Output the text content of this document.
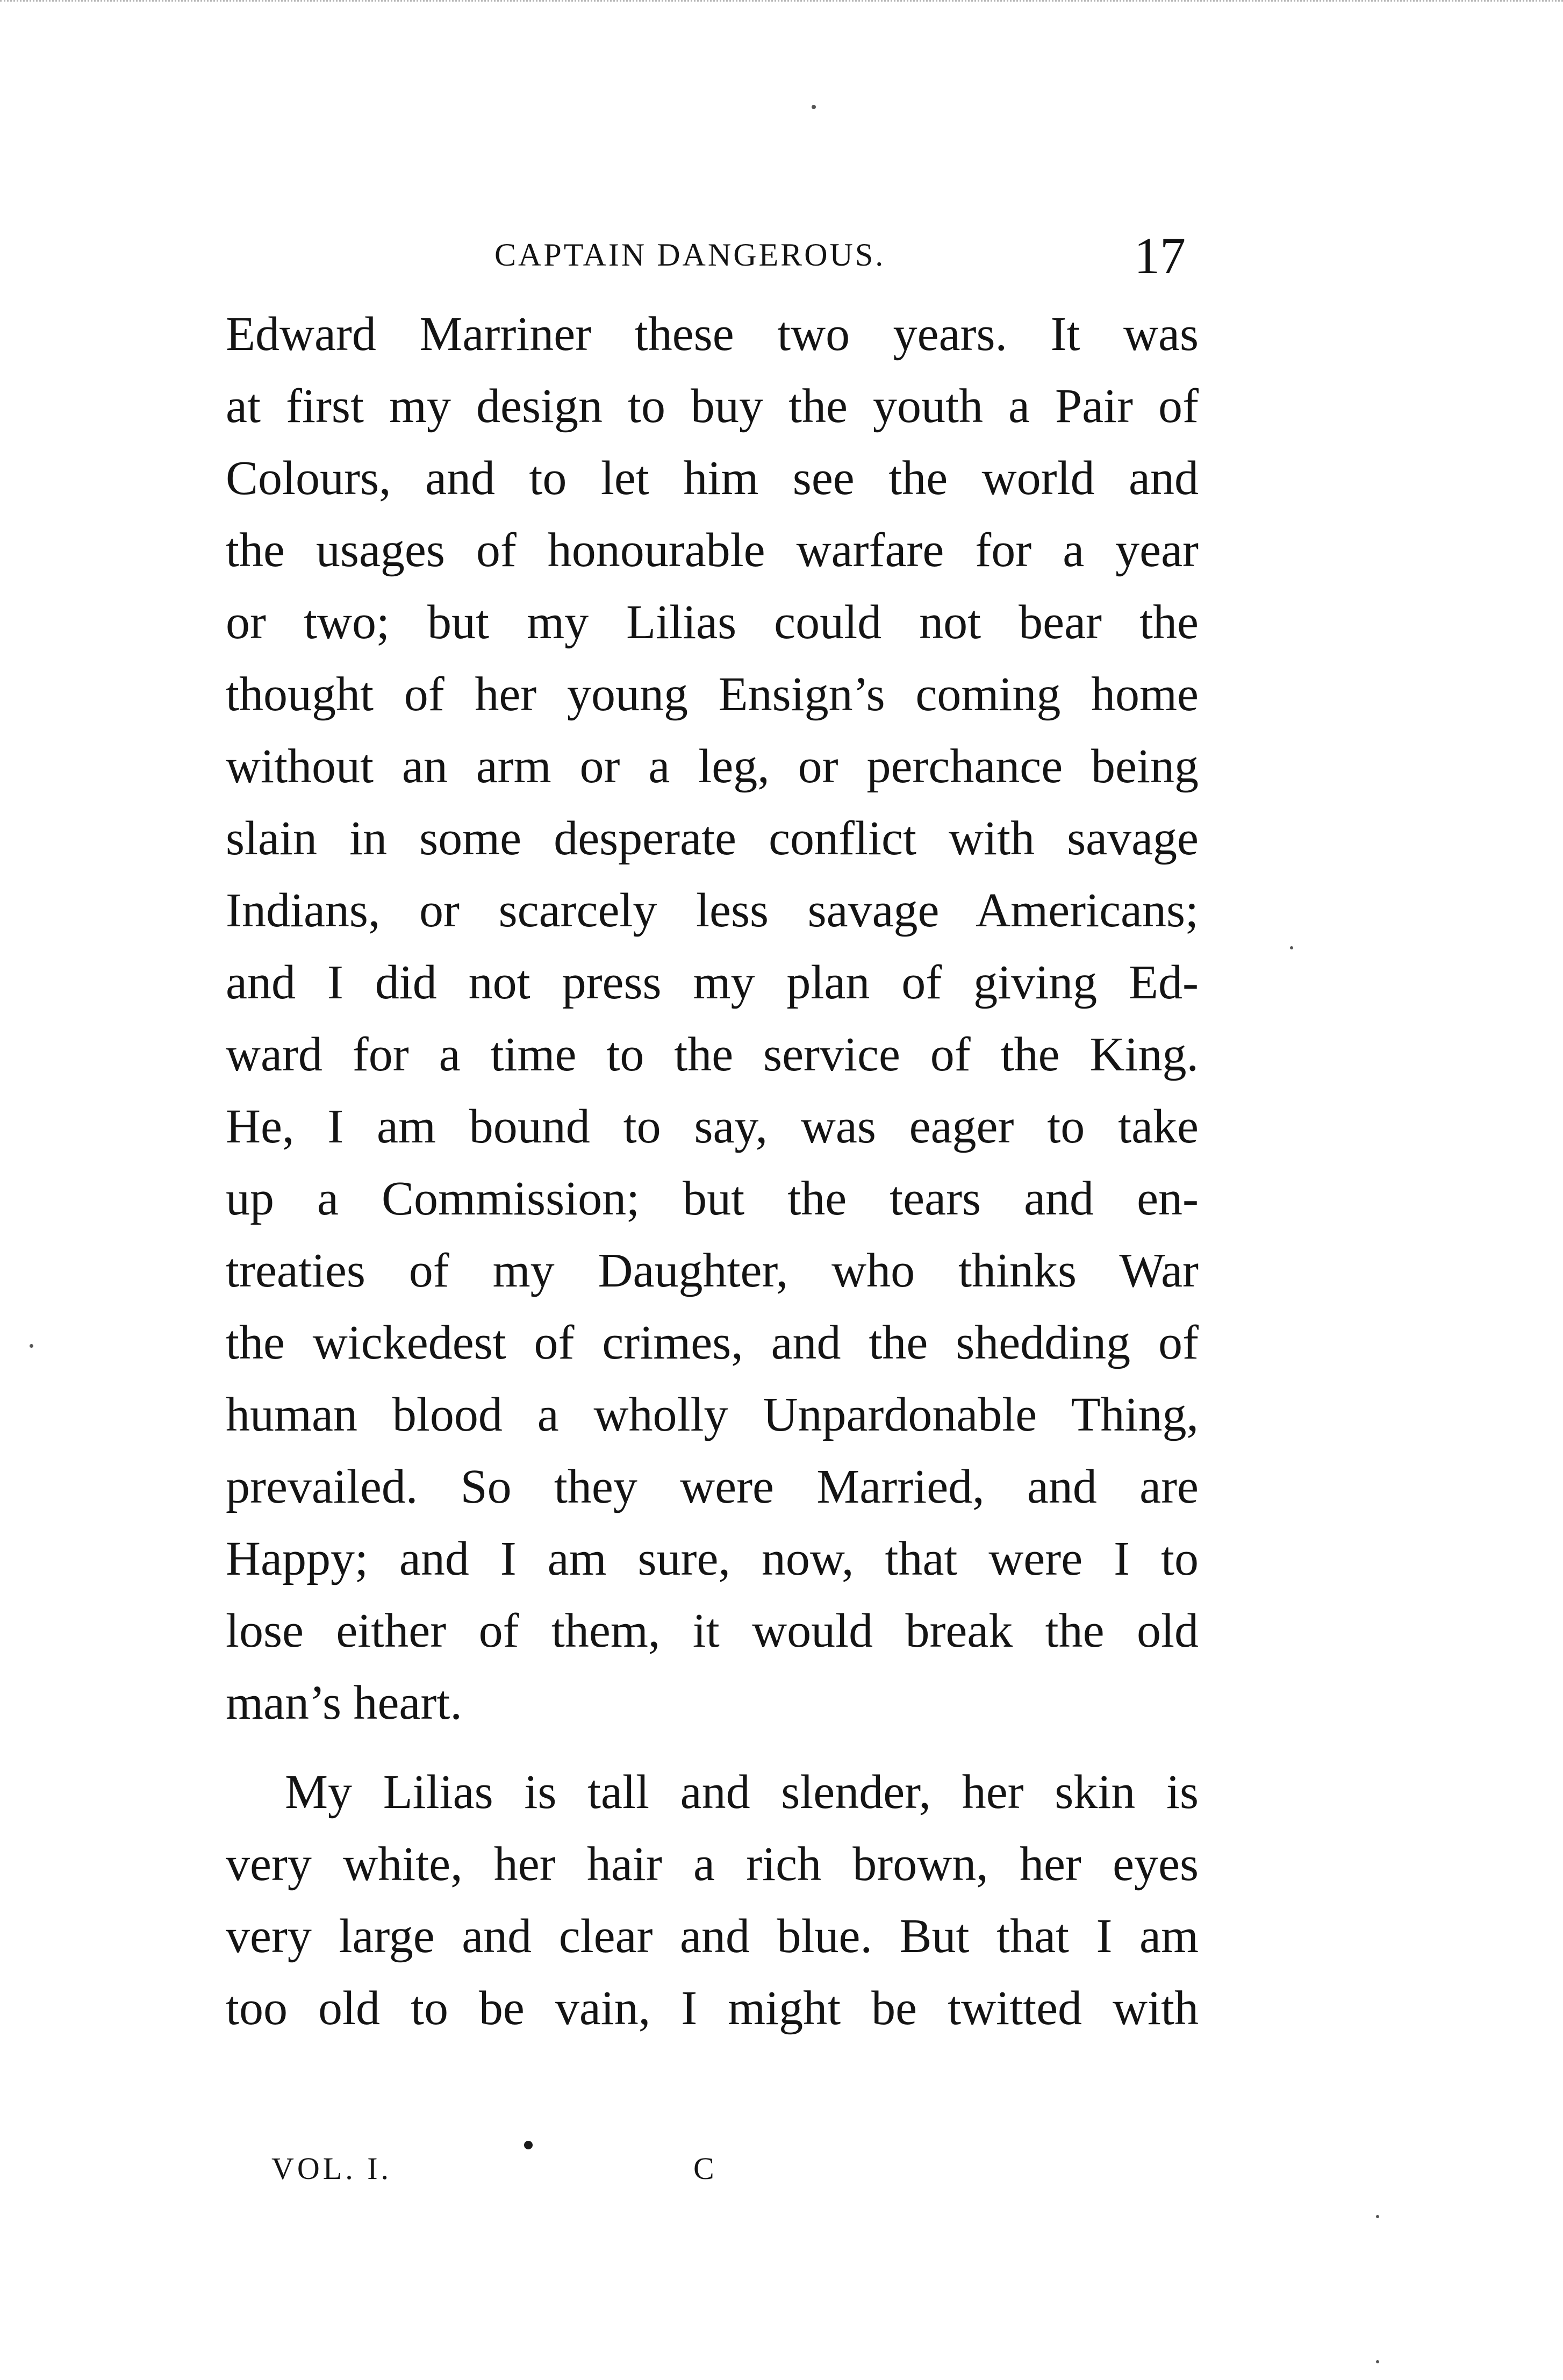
CAPTAIN DANGEROUS.	17
Edward Marriner these two years. It was
at first my design to buy the youth a Pair of
Colours, and to let him see the world and
the usages of honourable warfare for a year
or two; but my Lilias could not bear the
thought of her young Ensign’s coming home
without an arm or a leg, or perchance being
slain in some desperate conflict with savage
Indians, or scarcely less savage Americans;
and I did not press my plan of giving Ed-
ward for a time to the service of the King.
He, I am bound to say, was eager to take
up a Commission; but the tears and en-
treaties of my Daughter, who thinks War
the wickedest of crimes, and the shedding of
human blood a wholly Unpardonable Thing,
prevailed. So they were Married, and are
Happy; and I am sure, now, that were I to
lose either of them, it would break the old
man’s heart.
My Lilias is tall and slender, her skin is
very white, her hair a rich brown, her eyes
very large and clear and blue. But that I am
too old to be vain, I might be twitted with
VOL. I.	C
